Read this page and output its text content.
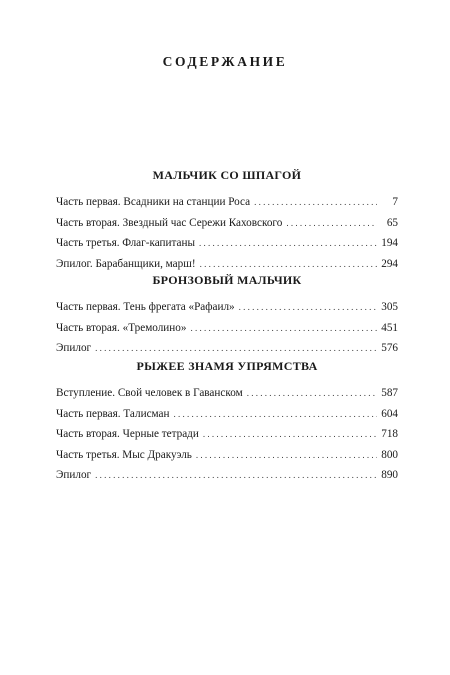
СОДЕРЖАНИЕ
МАЛЬЧИК СО ШПАГОЙ
Часть первая. Всадники на станции Роса . . .	7
Часть вторая. Звездный час Сережи Каховского . . .	65
Часть третья. Флаг-капитаны . . .	194
Эпилог. Барабанщики, марш! . . .	294
БРОНЗОВЫЙ МАЛЬЧИК
Часть первая. Тень фрегата «Рафаил» . . .	305
Часть вторая. «Тремолино» . . .	451
Эпилог . . .	576
РЫЖЕЕ ЗНАМЯ УПРЯМСТВА
Вступление. Свой человек в Гаванском . . .	587
Часть первая. Талисман . . .	604
Часть вторая. Черные тетради . . .	718
Часть третья. Мыс Дракуэль . . .	800
Эпилог . . .	890
